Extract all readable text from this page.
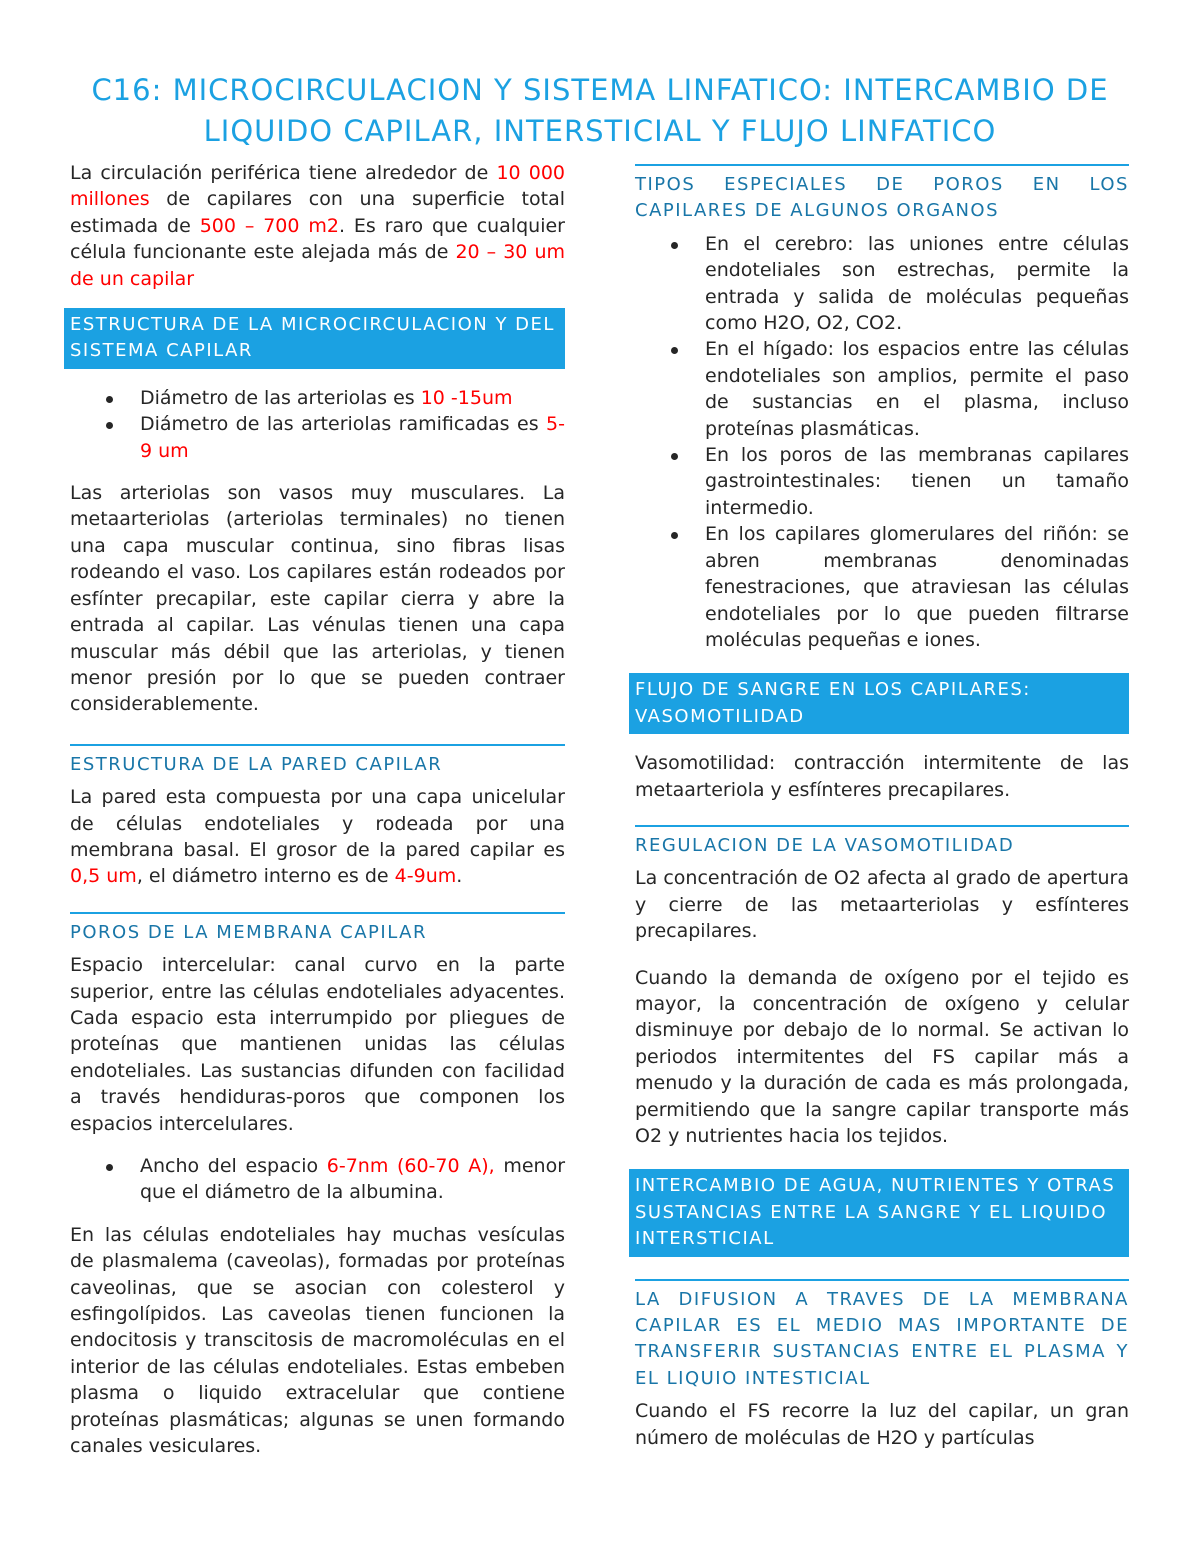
C16: MICROCIRCULACION Y SISTEMA LINFATICO: INTERCAMBIO DE LIQUIDO CAPILAR, INTERSTICIAL Y FLUJO LINFATICO

La circulación periférica tiene alrededor de 10 000 millones de capilares con una superficie total estimada de 500 – 700 m2. Es raro que cualquier célula funcionante este alejada más de 20 – 30 um de un capilar

ESTRUCTURA DE LA MICROCIRCULACION Y DEL SISTEMA CAPILAR
Diámetro de las arteriolas es 10 -15um
Diámetro de las arteriolas ramificadas es 5-9 um

Las arteriolas son vasos muy musculares. La metaarteriolas (arteriolas terminales) no tienen una capa muscular continua, sino fibras lisas rodeando el vaso. Los capilares están rodeados por esfínter precapilar, este capilar cierra y abre la entrada al capilar. Las vénulas tienen una capa muscular más débil que las arteriolas, y tienen menor presión por lo que se pueden contraer considerablemente.

ESTRUCTURA DE LA PARED CAPILAR

La pared esta compuesta por una capa unicelular de células endoteliales y rodeada por una membrana basal. El grosor de la pared capilar es 0,5 um, el diámetro interno es de 4-9um.

POROS DE LA MEMBRANA CAPILAR

Espacio intercelular: canal curvo en la parte superior, entre las células endoteliales adyacentes. Cada espacio esta interrumpido por pliegues de proteínas que mantienen unidas las células endoteliales. Las sustancias difunden con facilidad a través hendiduras-poros que componen los espacios intercelulares.

Ancho del espacio 6-7nm (60-70 A), menor que el diámetro de la albumina.

En las células endoteliales hay muchas vesículas de plasmalema (caveolas), formadas por proteínas caveolinas, que se asocian con colesterol y esfingolípidos. Las caveolas tienen funcionen la endocitosis y transcitosis de macromoléculas en el interior de las células endoteliales. Estas embeben plasma o liquido extracelular que contiene proteínas plasmáticas; algunas se unen formando canales vesiculares.

TIPOS ESPECIALES DE POROS EN LOS CAPILARES DE ALGUNOS ORGANOS
En el cerebro: las uniones entre células endoteliales son estrechas, permite la entrada y salida de moléculas pequeñas como H2O, O2, CO2.
En el hígado: los espacios entre las células endoteliales son amplios, permite el paso de sustancias en el plasma, incluso proteínas plasmáticas.
En los poros de las membranas capilares gastrointestinales: tienen un tamaño intermedio.
En los capilares glomerulares del riñón: se abren membranas denominadas fenestraciones, que atraviesan las células endoteliales por lo que pueden filtrarse moléculas pequeñas e iones.
FLUJO DE SANGRE EN LOS CAPILARES: VASOMOTILIDAD

Vasomotilidad: contracción intermitente de las metaarteriola y esfínteres precapilares.

REGULACION DE LA VASOMOTILIDAD

La concentración de O2 afecta al grado de apertura y cierre de las metaarteriolas y esfínteres precapilares.

Cuando la demanda de oxígeno por el tejido es mayor, la concentración de oxígeno y celular disminuye por debajo de lo normal. Se activan lo periodos intermitentes del FS capilar más a menudo y la duración de cada es más prolongada, permitiendo que la sangre capilar transporte más O2 y nutrientes hacia los tejidos.

INTERCAMBIO DE AGUA, NUTRIENTES Y OTRAS SUSTANCIAS ENTRE LA SANGRE Y EL LIQUIDO INTERSTICIAL
LA DIFUSION A TRAVES DE LA MEMBRANA CAPILAR ES EL MEDIO MAS IMPORTANTE DE TRANSFERIR SUSTANCIAS ENTRE EL PLASMA Y EL LIQUIO INTESTICIAL

Cuando el FS recorre la luz del capilar, un gran número de moléculas de H2O y partículas
